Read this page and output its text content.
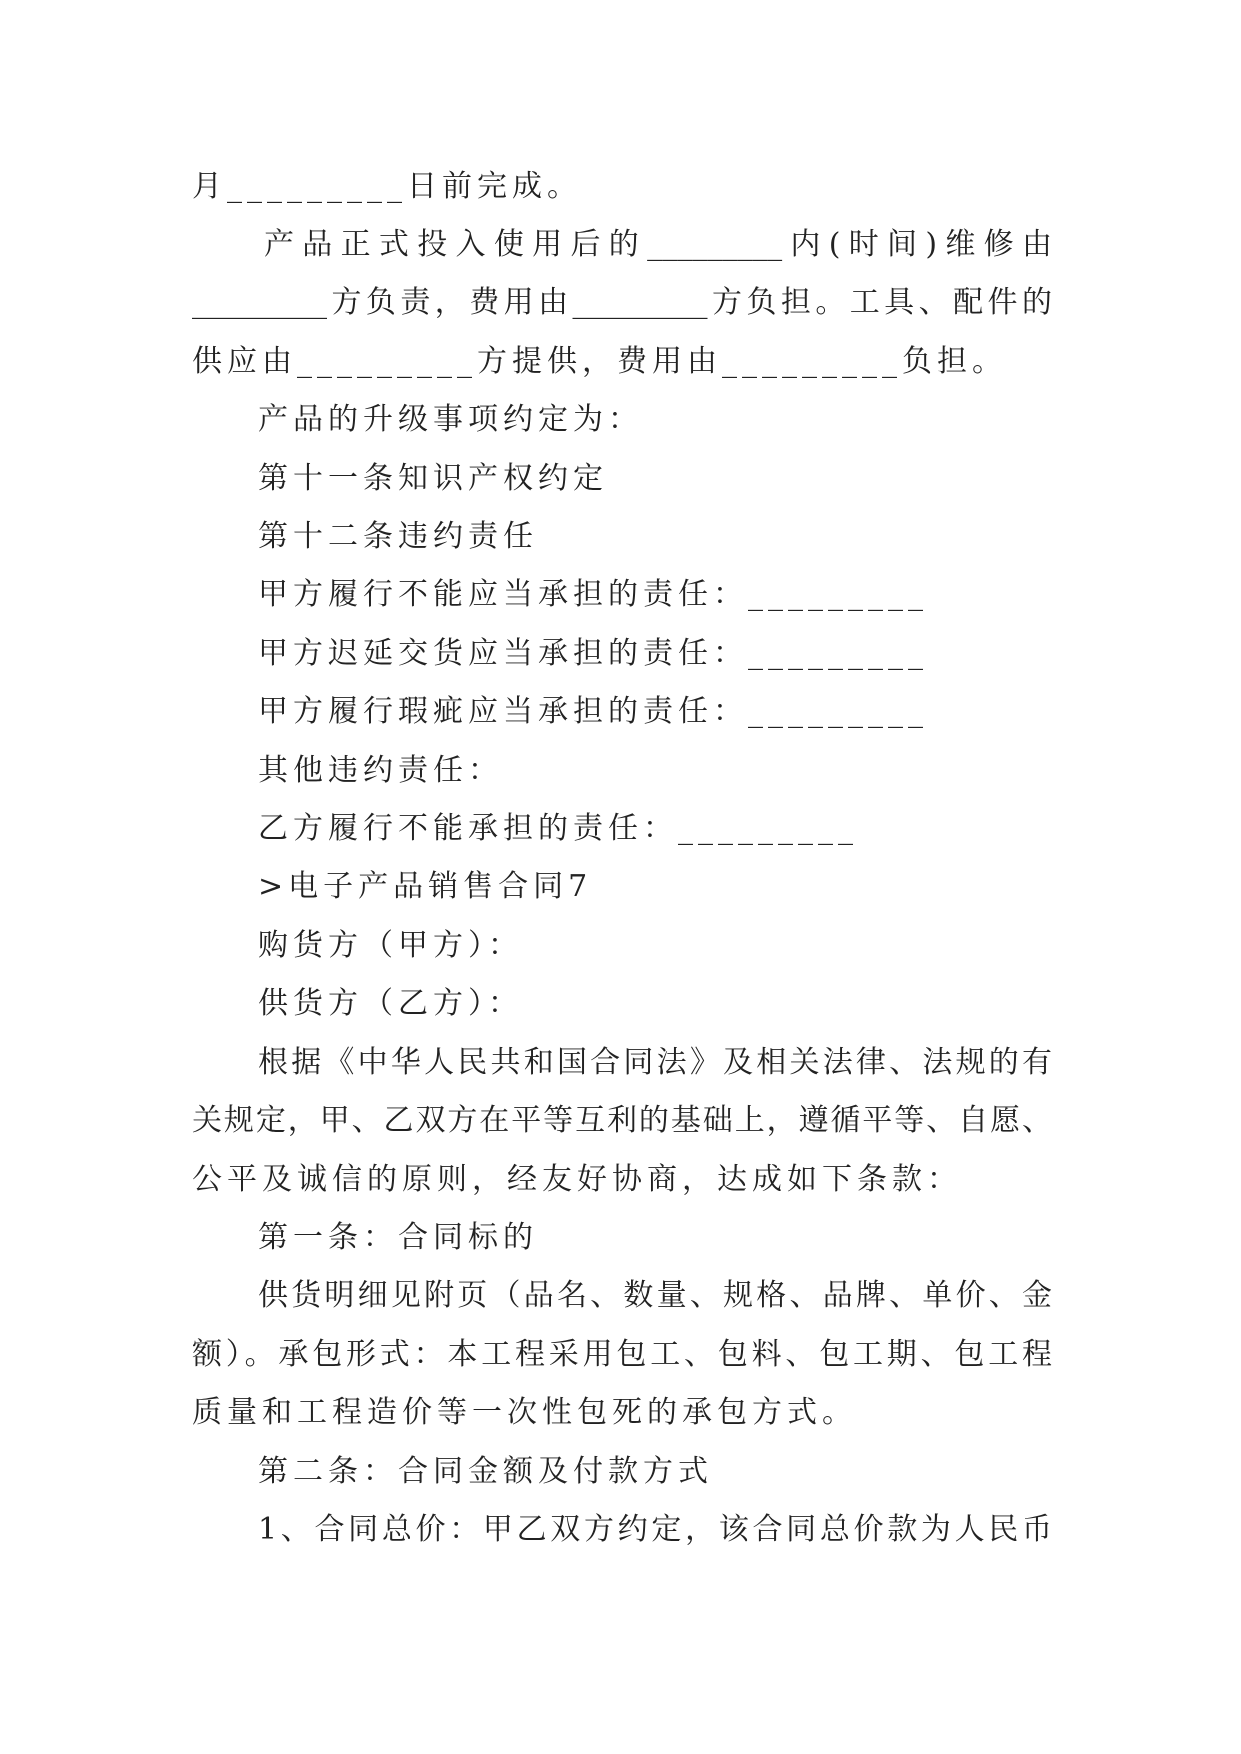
月_________日前完成。
产品正式投入使用后的_________内(时间)维修由
_________方负责，费用由_________方负担。工具、配件的
供应由_________方提供，费用由_________负担。
产品的升级事项约定为：
第十一条知识产权约定
第十二条违约责任
甲方履行不能应当承担的责任：_________
甲方迟延交货应当承担的责任：_________
甲方履行瑕疵应当承担的责任：_________
其他违约责任：
乙方履行不能承担的责任：_________
>电子产品销售合同7
购货方（甲方）：
供货方（乙方）：
根据《中华人民共和国合同法》及相关法律、法规的有
关规定，甲、乙双方在平等互利的基础上，遵循平等、自愿、
公平及诚信的原则，经友好协商，达成如下条款：
第一条：合同标的
供货明细见附页（品名、数量、规格、品牌、单价、金
额）。承包形式：本工程采用包工、包料、包工期、包工程
质量和工程造价等一次性包死的承包方式。
第二条：合同金额及付款方式
1、合同总价：甲乙双方约定，该合同总价款为人民币
